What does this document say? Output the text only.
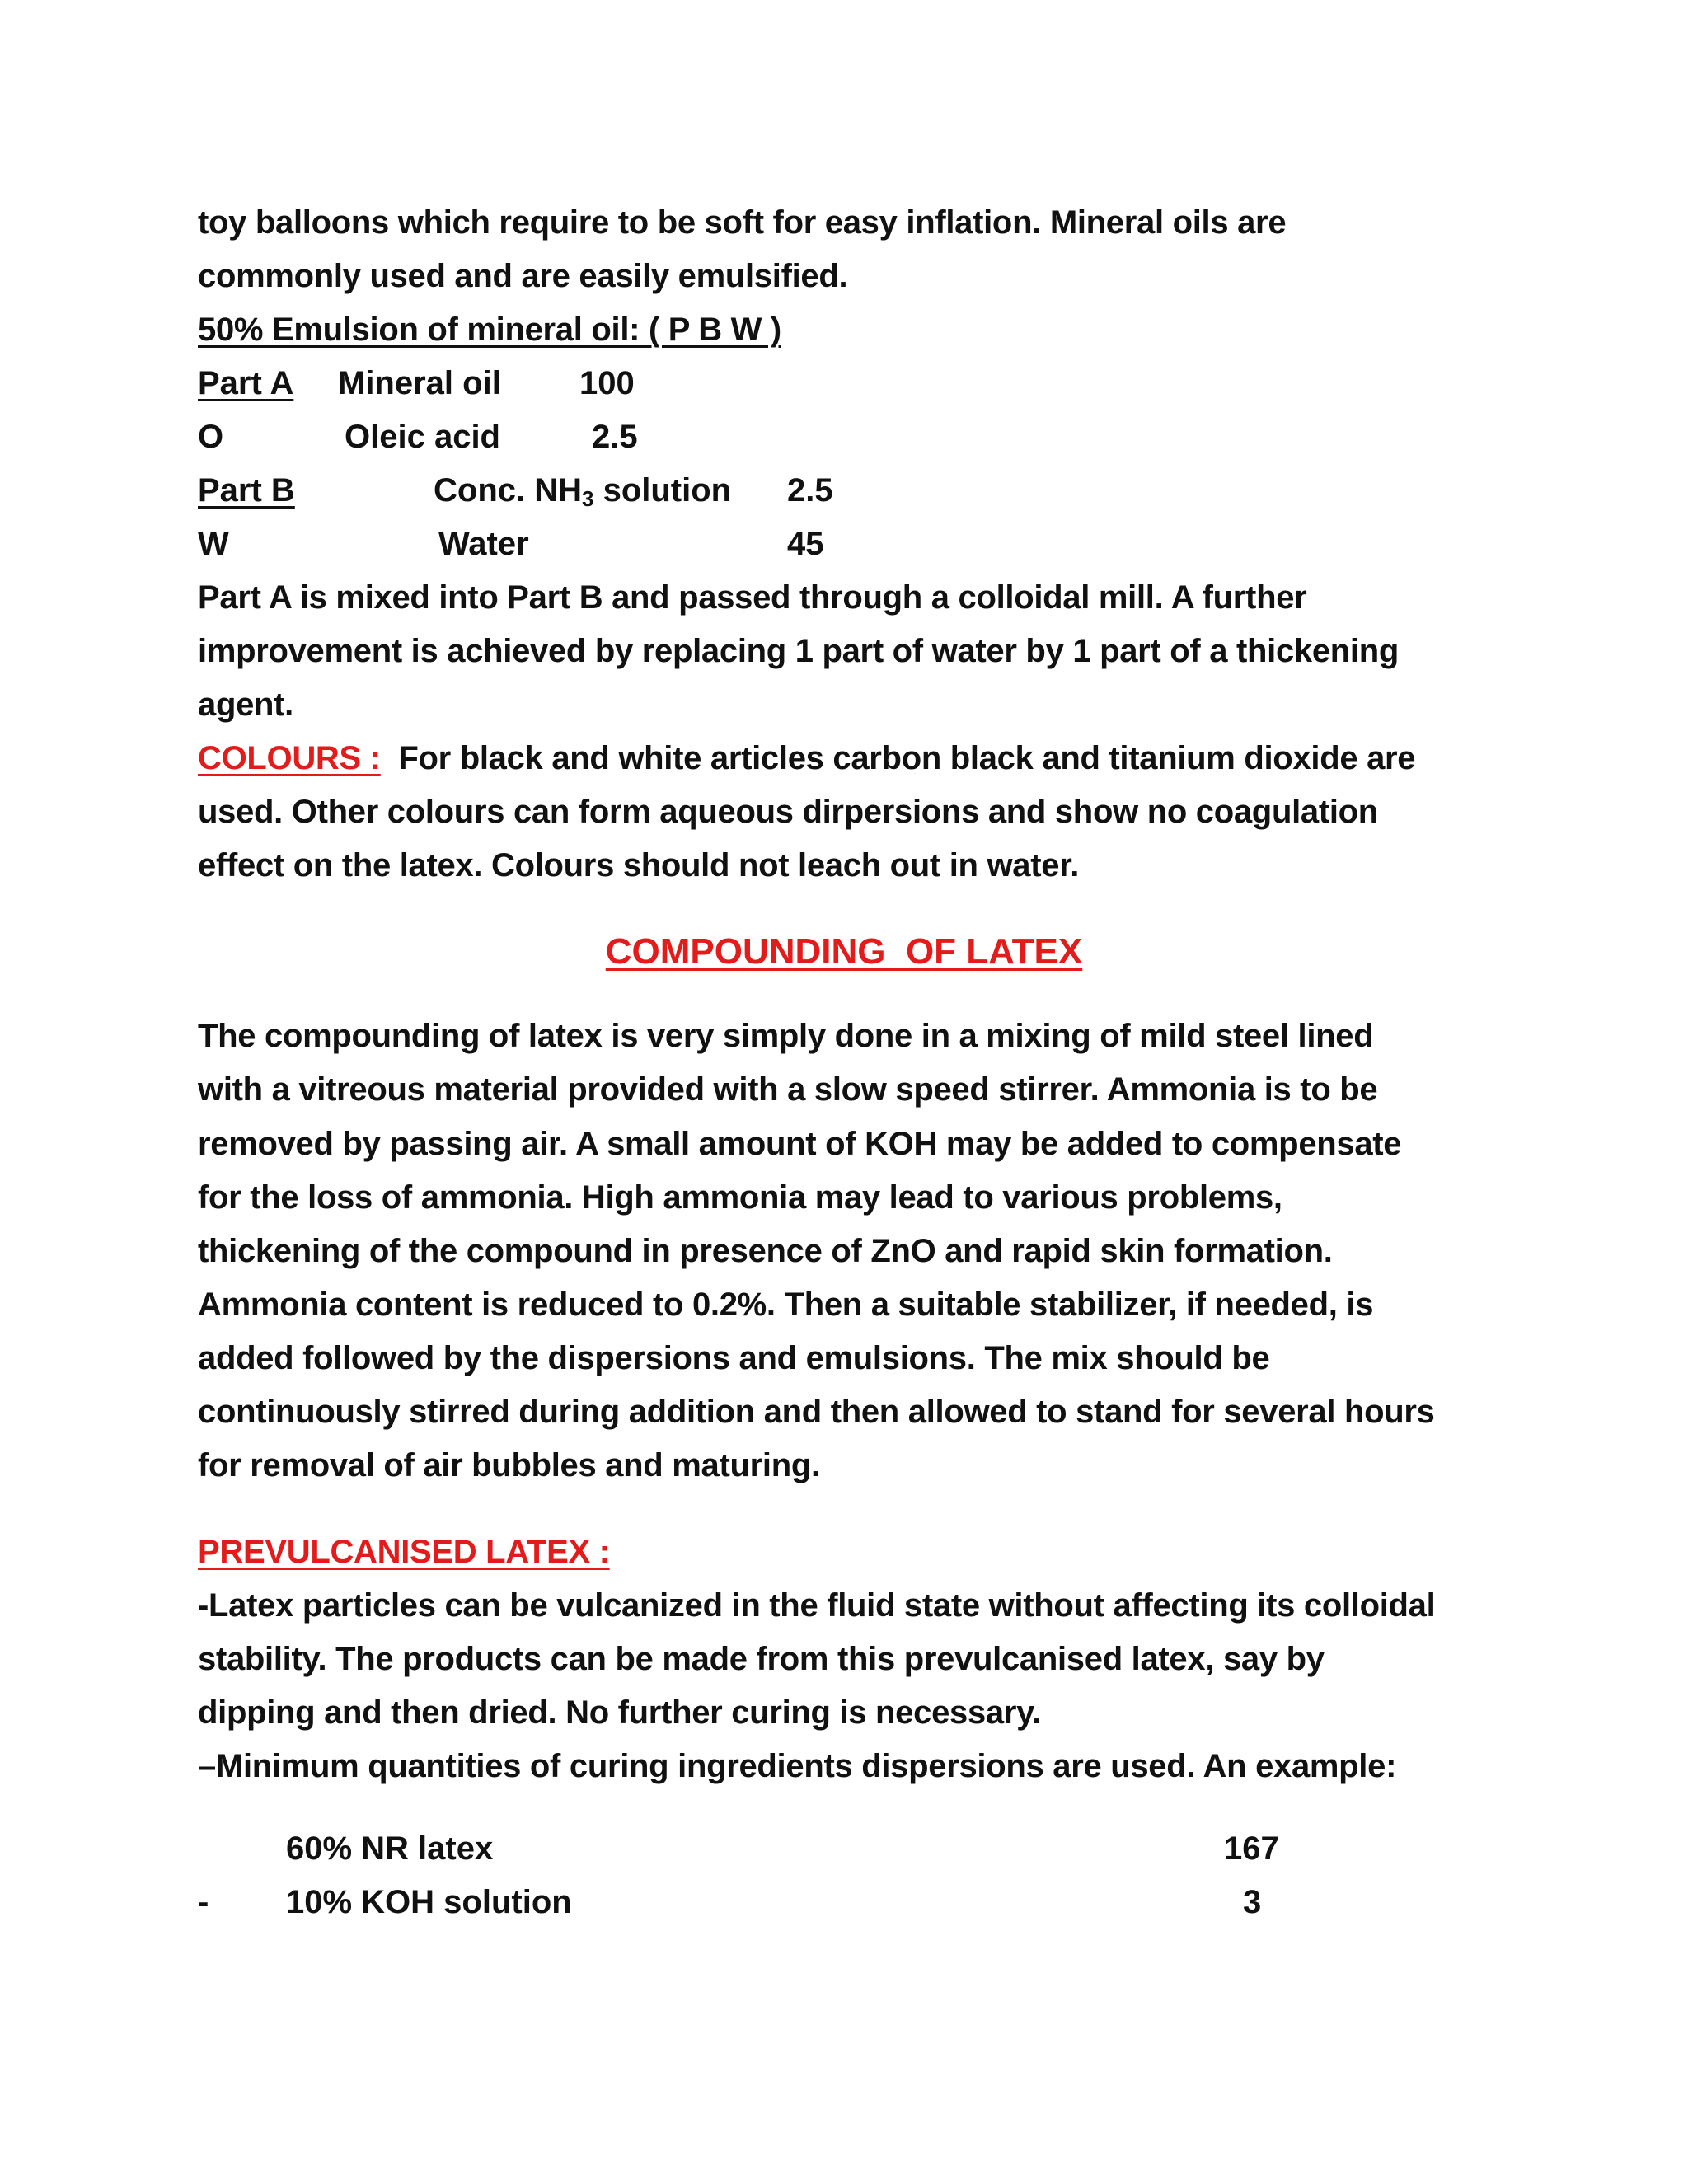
toy balloons which require to be soft for easy inflation. Mineral oils are
commonly used and are easily emulsified.
50% Emulsion of mineral oil: ( P B W )
Part A Mineral oil 100
O	Oleic acid	2.5
Part B	Conc. $NH_3$ solution 2.5
W	Water	45
Part A is mixed into Part B and passed through a colloidal mill. A further
improvement is achieved by replacing 1 part of water by 1 part of a thickening
agent.
COLOURS : For black and white articles carbon black and titanium dioxide are
used. Other colours can form aqueous dirpersions and show no coagulation
effect on the latex. Colours should not leach out in water.
COMPOUNDING  OF LATEX
The compounding of latex is very simply done in a mixing of mild steel lined
with a vitreous material provided with a slow speed stirrer. Ammonia is to be
removed by passing air. A small amount of KOH may be added to compensate
for the loss of ammonia. High ammonia may lead to various problems,
thickening of the compound in presence of ZnO and rapid skin formation.
Ammonia content is reduced to 0.2%. Then a suitable stabilizer, if needed, is
added followed by the dispersions and emulsions. The mix should be
continuously stirred during addition and then allowed to stand for several hours
for removal of air bubbles and maturing.
PREVULCANISED LATEX :
-Latex particles can be vulcanized in the fluid state without affecting its colloidal
stability. The products can be made from this prevulcanised latex, say by
dipping and then dried. No further curing is necessary.
–Minimum quantities of curing ingredients dispersions are used. An example:
60% NR latex	167
- 10% KOH solution	3
